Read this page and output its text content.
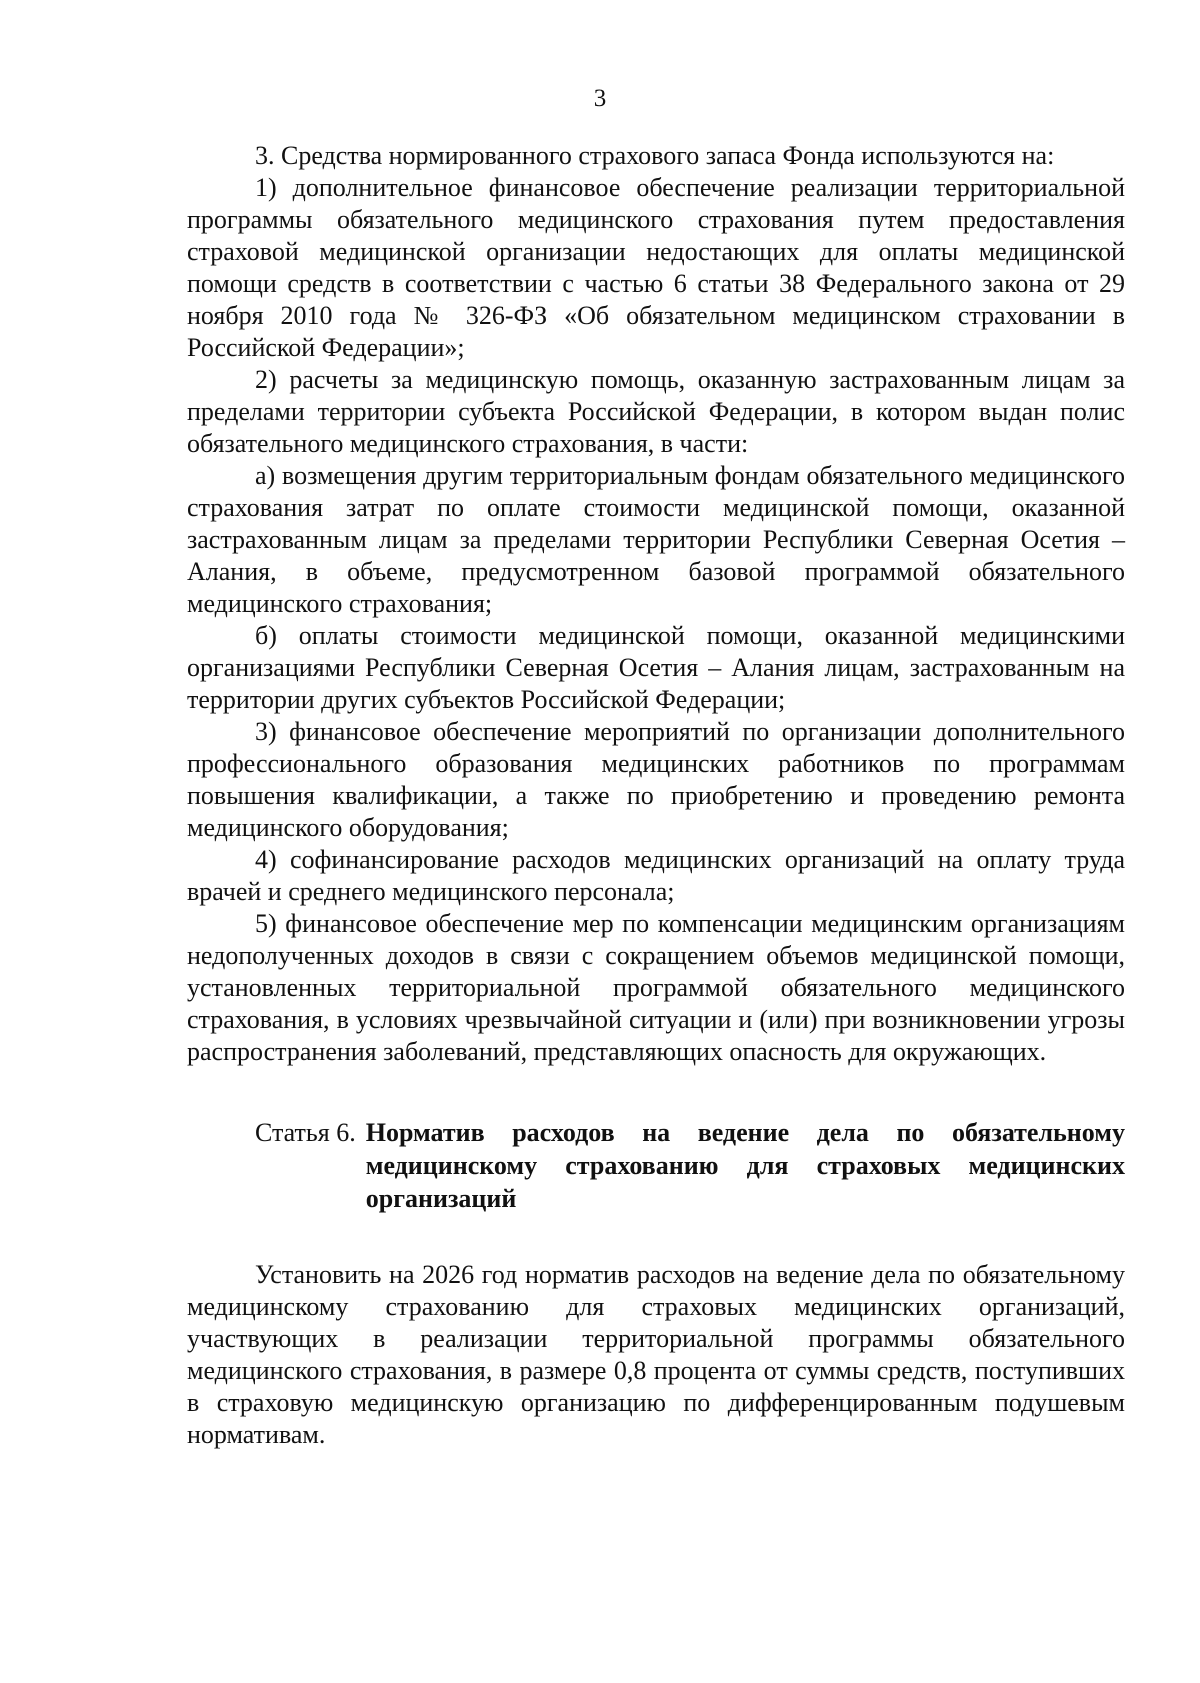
3

3. Средства нормированного страхового запаса Фонда используются на:

1) дополнительное финансовое обеспечение реализации территориальной программы обязательного медицинского страхования путем предоставления страховой медицинской организации недостающих для оплаты медицинской помощи средств в соответствии с частью 6 статьи 38 Федерального закона от 29 ноября 2010 года № 326-ФЗ «Об обязательном медицинском страховании в Российской Федерации»;

2) расчеты за медицинскую помощь, оказанную застрахованным лицам за пределами территории субъекта Российской Федерации, в котором выдан полис обязательного медицинского страхования, в части:

а) возмещения другим территориальным фондам обязательного медицинского страхования затрат по оплате стоимости медицинской помощи, оказанной застрахованным лицам за пределами территории Республики Северная Осетия – Алания, в объеме, предусмотренном базовой программой обязательного медицинского страхования;

б) оплаты стоимости медицинской помощи, оказанной медицинскими организациями Республики Северная Осетия – Алания лицам, застрахованным на территории других субъектов Российской Федерации;

3) финансовое обеспечение мероприятий по организации дополнительного профессионального образования медицинских работников по программам повышения квалификации, а также по приобретению и проведению ремонта медицинского оборудования;

4) софинансирование расходов медицинских организаций на оплату труда врачей и среднего медицинского персонала;

5) финансовое обеспечение мер по компенсации медицинским организациям недополученных доходов в связи с сокращением объемов медицинской помощи, установленных территориальной программой обязательного медицинского страхования, в условиях чрезвычайной ситуации и (или) при возникновении угрозы распространения заболеваний, представляющих опасность для окружающих.

Статья 6. Норматив расходов на ведение дела по обязательному медицинскому страхованию для страховых медицинских организаций

Установить на 2026 год норматив расходов на ведение дела по обязательному медицинскому страхованию для страховых медицинских организаций, участвующих в реализации территориальной программы обязательного медицинского страхования, в размере 0,8 процента от суммы средств, поступивших в страховую медицинскую организацию по дифференцированным подушевым нормативам.
